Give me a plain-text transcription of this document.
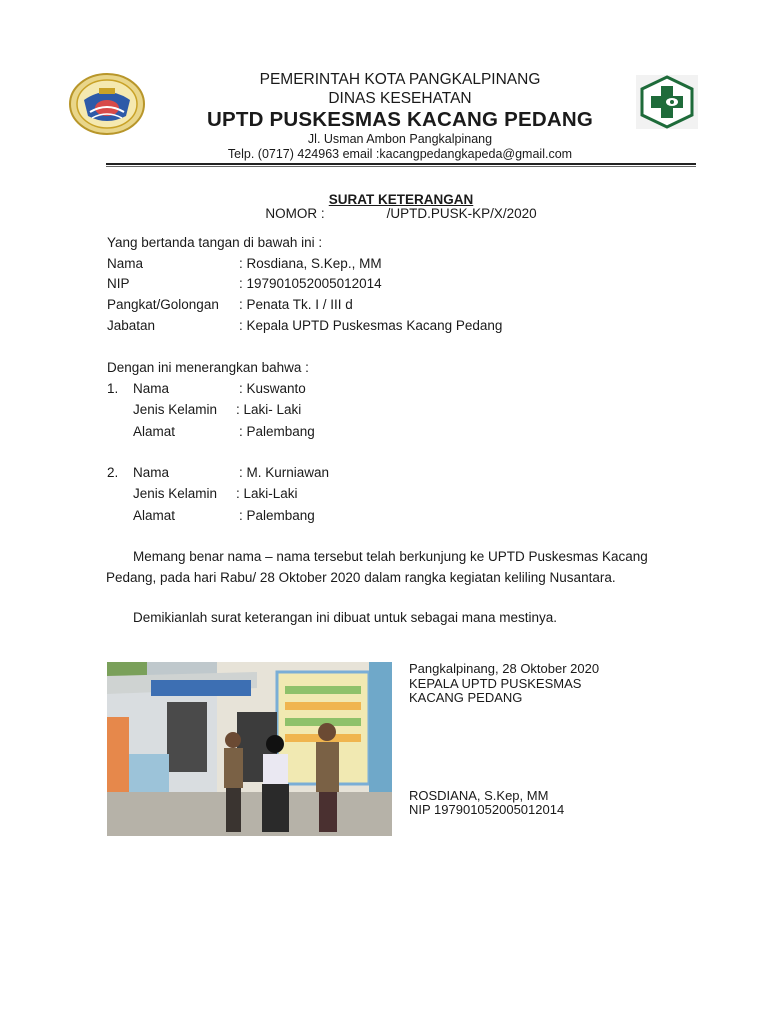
PEMERINTAH KOTA PANGKALPINANG
DINAS KESEHATAN
UPTD PUSKESMAS KACANG PEDANG
Jl. Usman Ambon Pangkalpinang
Telp. (0717) 424963 email :kacangpedangkapeda@gmail.com
SURAT KETERANGAN
NOMOR :	/UPTD.PUSK-KP/X/2020
Yang bertanda tangan di bawah ini :
Nama	: Rosdiana, S.Kep., MM
NIP	: 197901052005012014
Pangkat/Golongan : Penata Tk. I / III d
Jabatan	: Kepala UPTD Puskesmas Kacang Pedang
Dengan ini menerangkan bahwa :
1. Nama	: Kuswanto
Jenis Kelamin : Laki- Laki
Alamat	: Palembang
2. Nama	: M. Kurniawan
Jenis Kelamin : Laki-Laki
Alamat	: Palembang
Memang benar nama – nama tersebut telah berkunjung ke UPTD Puskesmas Kacang Pedang, pada hari Rabu/ 28 Oktober 2020 dalam rangka kegiatan keliling Nusantara.
Demikianlah surat keterangan ini dibuat untuk sebagai mana mestinya.
Pangkalpinang, 28 Oktober 2020
KEPALA UPTD PUSKESMAS
KACANG PEDANG
ROSDIANA, S.Kep, MM
NIP 197901052005012014
